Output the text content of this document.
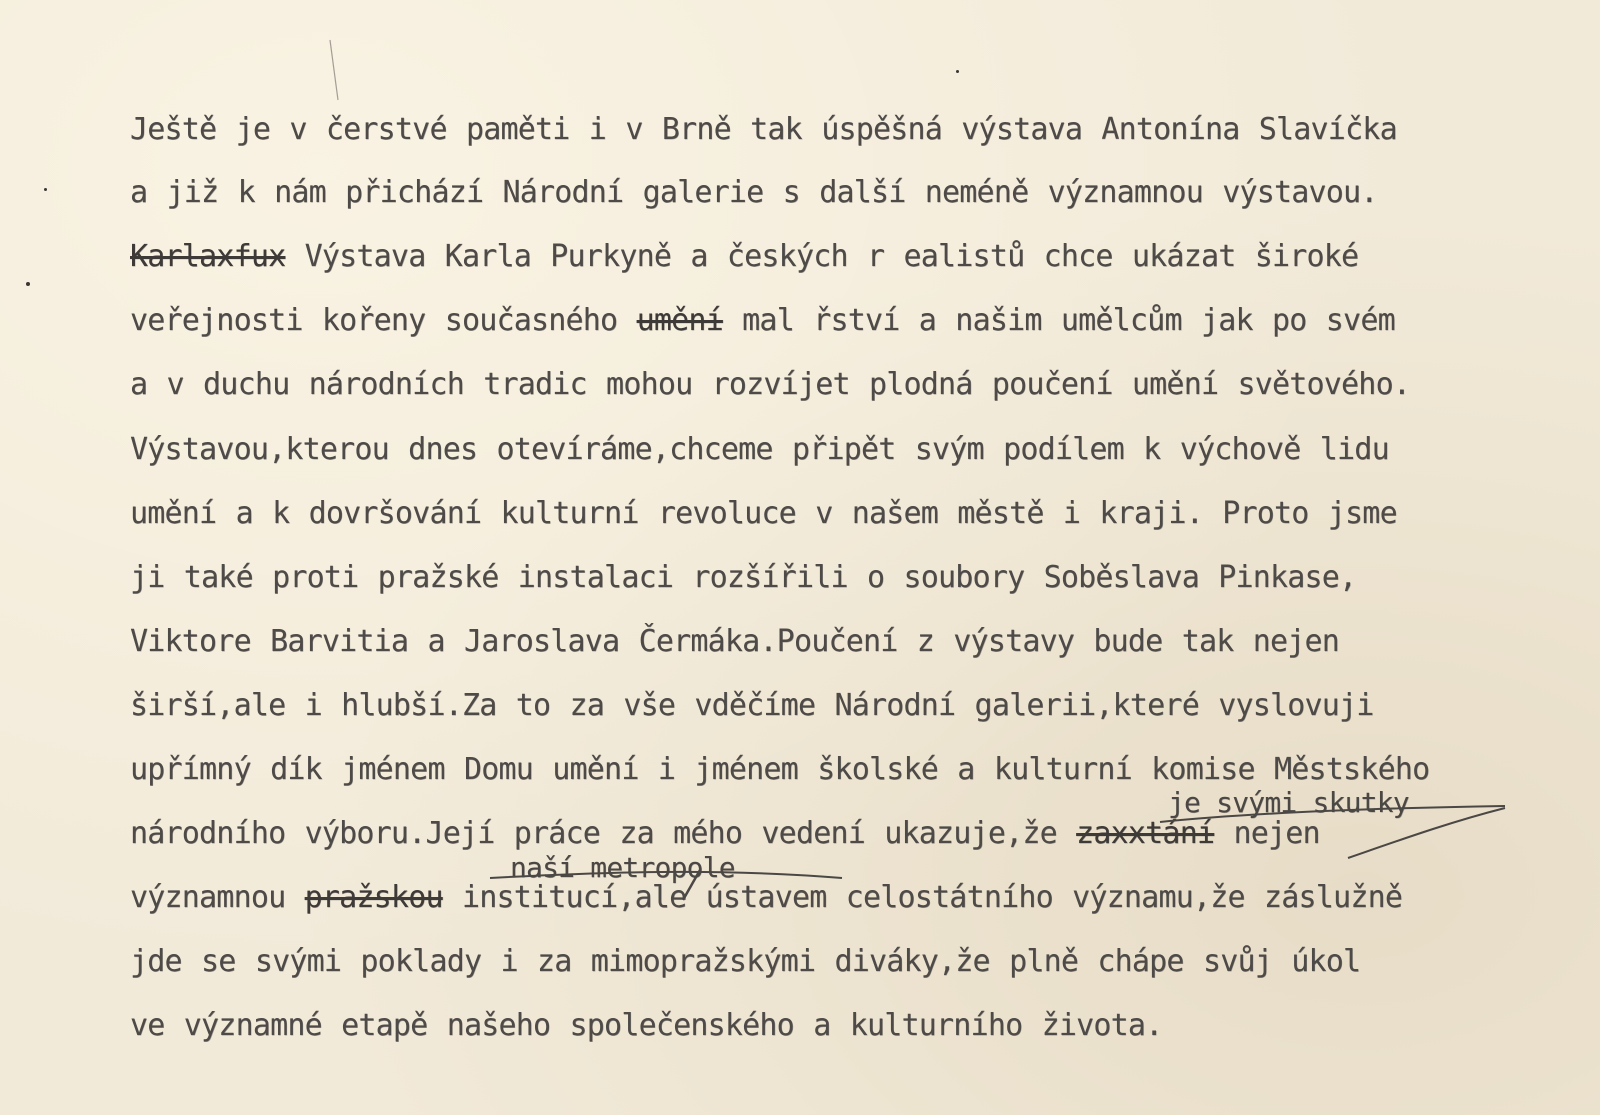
Ještě je v čerstvé paměti i v Brně tak úspěšná výstava Antonína Slavíčka

a již k nám přichází Národní galerie s další neméně významnou výstavou.

Karlaxfux Výstava Karla Purkyně a českých r ealistů chce ukázat široké

veřejnosti kořeny současného umění mal řství a našim umělcům jak po svém

a v duchu národních tradic mohou rozvíjet plodná poučení umění světového.

Výstavou,kterou dnes otevíráme,chceme připět svým podílem k výchově lidu

umění a k dovršování kulturní revoluce v našem městě i kraji. Proto jsme

ji také proti pražské instalaci rozšířili o soubory Soběslava Pinkase,

Viktore Barvitia a Jaroslava Čermáka.Poučení z výstavy bude tak nejen

širší,ale i hlubší.Za to za vše vděčíme Národní galerii,které vyslovuji

upřímný dík jménem Domu umění i jménem školské a kulturní komise Městského

národního výboru.Její práce za mého vedení ukazuje,že zaxxtání nejen

významnou pražskou institucí,ale ústavem celostátního významu,že záslužně

jde se svými poklady i za mimopražskými diváky,že plně chápe svůj úkol

ve významné etapě našeho společenského a kulturního života.

je svými skutky
naší metropole
